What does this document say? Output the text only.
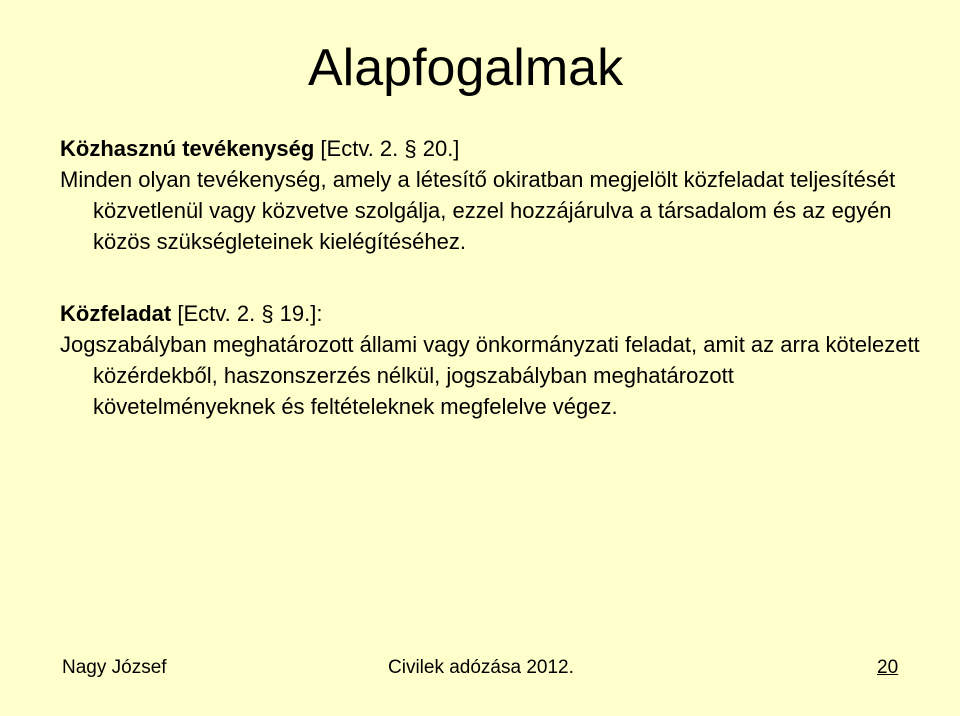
Alapfogalmak
Közhasznú tevékenység [Ectv. 2. § 20.]
Minden olyan tevékenység, amely a létesítő okiratban megjelölt közfeladat teljesítését közvetlenül vagy közvetve szolgálja, ezzel hozzájárulva a társadalom és az egyén közös szükségleteinek kielégítéséhez.
Közfeladat [Ectv. 2. § 19.]:
Jogszabályban meghatározott állami vagy önkormányzati feladat, amit az arra kötelezett közérdekből, haszonszerzés nélkül, jogszabályban meghatározott követelményeknek és feltételeknek megfelelve végez.
Nagy József	Civilek adózása 2012.	20
